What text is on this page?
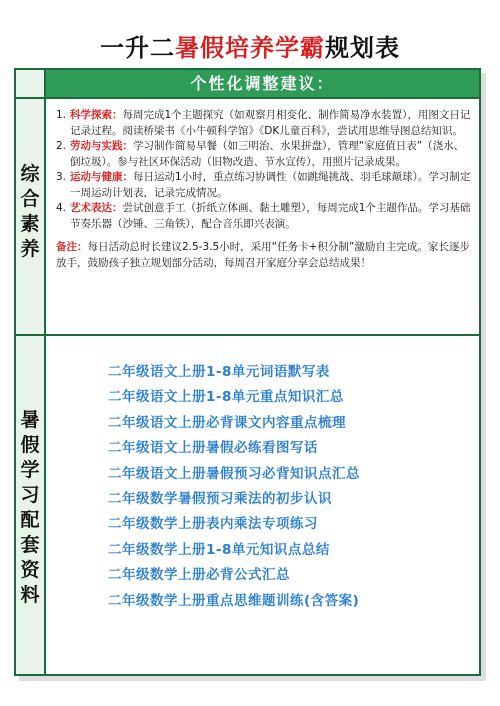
一升二暑假培养学霸规划表
个性化调整建议：
综
合
素
养
暑
假
学
习
配
套
资
料
1. 科学探索：每周完成1个主题探究（如观察月相变化、制作简易净水装置），用图文日记记录过程。阅读桥梁书《小牛顿科学馆》《DK儿童百科》，尝试用思维导图总结知识。
2. 劳动与实践：学习制作简易早餐（如三明治、水果拼盘），管理“家庭值日表”（浇水、倒垃圾）。参与社区环保活动（旧物改造、节水宣传），用照片记录成果。
3. 运动与健康：每日运动1小时，重点练习协调性（如跳绳挑战、羽毛球颠球）。学习制定一周运动计划表，记录完成情况。
4. 艺术表达：尝试创意手工（折纸立体画、黏土雕塑），每周完成1个主题作品。学习基础节奏乐器（沙锤、三角铁），配合音乐即兴表演。
备注：每日活动总时长建议2.5-3.5小时，采用“任务卡+积分制”激励自主完成。家长逐步放手，鼓励孩子独立规划部分活动，每周召开家庭分享会总结成果！
二年级语文上册1-8单元词语默写表
二年级语文上册1-8单元重点知识汇总
二年级语文上册必背课文内容重点梳理
二年级语文上册暑假必练看图写话
二年级语文上册暑假预习必背知识点汇总
二年级数学暑假预习乘法的初步认识
二年级数学上册表内乘法专项练习
二年级数学上册1-8单元知识点总结
二年级数学上册必背公式汇总
二年级数学上册重点思维题训练(含答案)
